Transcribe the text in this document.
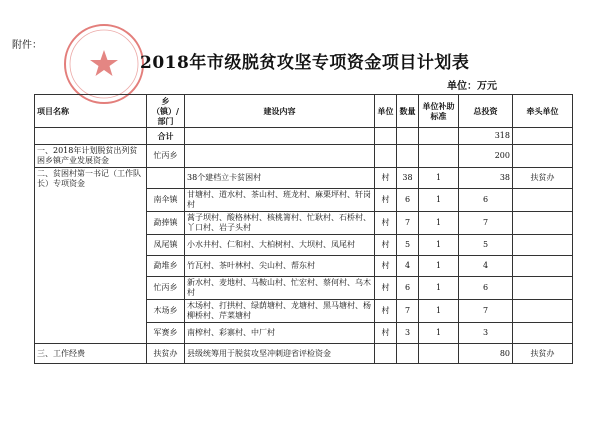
附件：
2018年市级脱贫攻坚专项资金项目计划表
单位：万元
项目名称	乡（镇）/部门	建设内容	单位	数量	单位补助标准	总投资	牵头单位
	合计					318	
一、2018年计划脱贫出列贫困乡镇产业发展资金	忙丙乡					200	
二、贫困村第一书记（工作队长）专项资金		38个建档立卡贫困村	村	38	1	38	扶贫办
	南伞镇	甘塘村、道水村、茶山村、班龙村、麻栗坪村、轩岗村	村	6	1	6	
	勐捧镇	蒿子坝村、酸格林村、核桃箐村、忙耿村、石桥村、丫口村、岩子头村	村	7	1	7	
	凤尾镇	小水井村、仁和村、大柏树村、大坝村、凤尾村	村	5	1	5	
	勐堆乡	竹瓦村、茶叶林村、尖山村、帮东村	村	4	1	4	
	忙丙乡	新水村、麦地村、马鞍山村、忙宏村、蔡何村、乌木村	村	6	1	6	
	木场乡	木场村、打拱村、绿荫塘村、龙塘村、黑马塘村、杨柳桥村、芹菜塘村	村	7	1	7	
	军赛乡	南榨村、彩寨村、中厂村	村	3	1	3	
三、工作经费	扶贫办	县级统筹用于脱贫攻坚冲刺迎省评检资金				80	扶贫办
